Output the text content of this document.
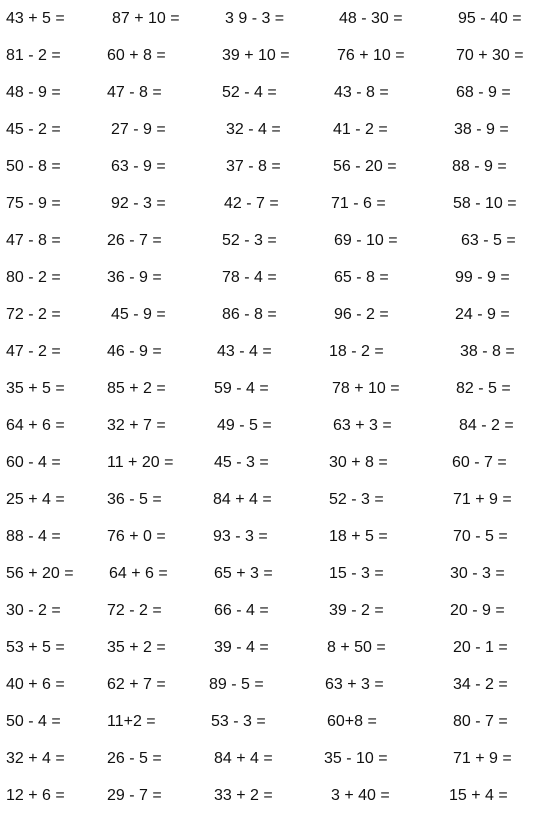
43 + 5 =	87 + 10 =	3 9 - 3 =	48 - 30 =	95 - 40 =
81 - 2 =	60 + 8 =	39 + 10 =	76 + 10 =	70 + 30 =
48 - 9 =	47 - 8 =	52 - 4 =	43 - 8 =	68 - 9 =
45 - 2 =	27 - 9 =	32 - 4 =	41 - 2 =	38 - 9 =
50 - 8 =	63 - 9 =	37 - 8 =	56 - 20 =	88 - 9 =
75 - 9 =	92 - 3 =	42 - 7 =	71 - 6 =	58 - 10 =
47 - 8 =	26 - 7 =	52 - 3 =	69 - 10 =	63 - 5 =
80 - 2 =	36 - 9 =	78 - 4 =	65 - 8 =	99 - 9 =
72 - 2 =	45 - 9 =	86 - 8 =	96 - 2 =	24 - 9 =
47 - 2 =	46 - 9 =	43 - 4 =	18 - 2 =	38 - 8 =
35 + 5 =	85 + 2 =	59 - 4 =	78 + 10 =	82 - 5 =
64 + 6 =	32 + 7 =	49 - 5 =	63 + 3 =	84 - 2 =
60 - 4 =	11 + 20 =	45 - 3 =	30 + 8 =	60 - 7 =
25 + 4 =	36 - 5 =	84 + 4 =	52 - 3 =	71 + 9 =
88 - 4 =	76 + 0 =	93 - 3 =	18 + 5 =	70 - 5 =
56 + 20 = 64 + 6 =	65 + 3 =	15 - 3 =	30 - 3 =
30 - 2 =	72 - 2 =	66 - 4 =	39 - 2 =	20 - 9 =
53 + 5 =	35 + 2 =	39 - 4 =	8 + 50 =	20 - 1 =
40 + 6 =	62 + 7 =	89 - 5 =	63 + 3 =	34 - 2 =
50 - 4 =	11+2 =	53 - 3 =	60+8 =	80 - 7 =
32 + 4 =	26 - 5 =	84 + 4 =	35 - 10 =	71 + 9 =
12 + 6 =	29 - 7 =	33 + 2 =	3 + 40 =	15 + 4 =
